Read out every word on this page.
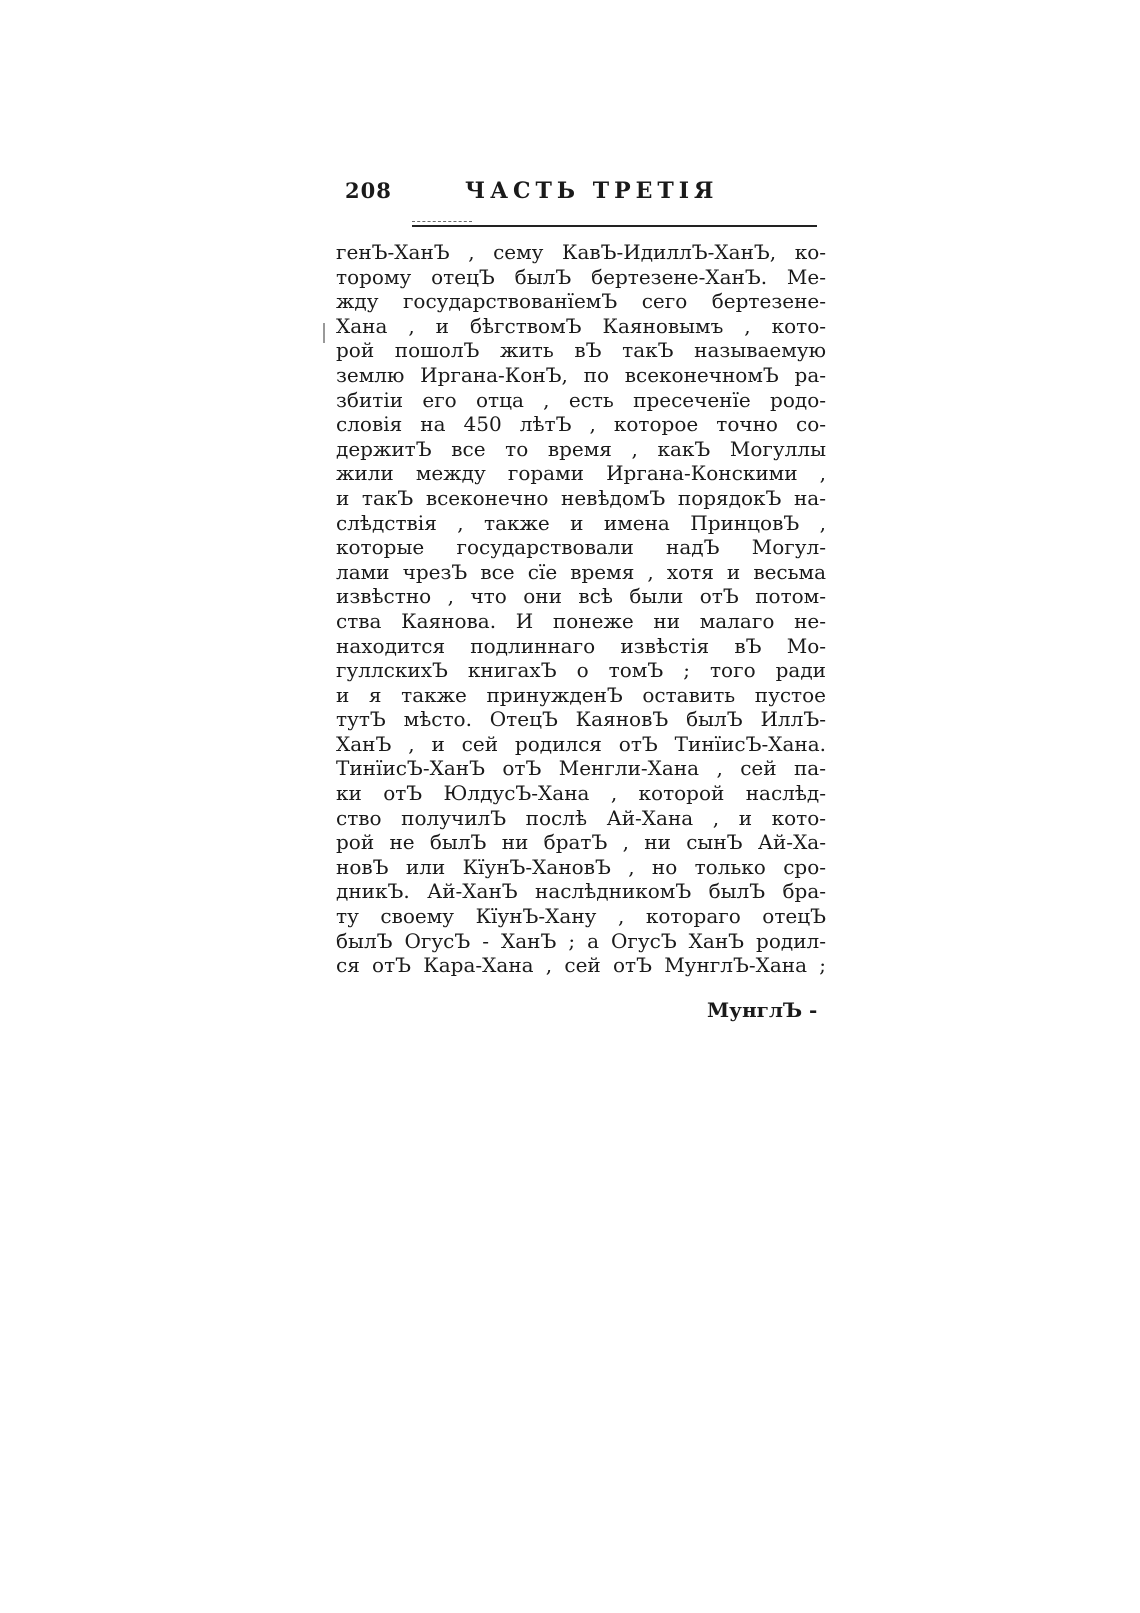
208	ЧАСТЬ ТРЕТІЯ
генЪ-ХанЪ , сему КавЪ-ИдиллЪ-ХанЪ, ко-
торому отецЪ былЪ бертезене-ХанЪ. Ме-
жду государствованїемЪ сего бертезене-
Хана , и бѣгствомЪ Каяновымъ , кото-
рой пошолЪ жить вЪ такЪ называемую
землю Иргана-КонЪ, по всеконечномЪ ра-
збитіи его отца , есть пресеченїе родо-
словія на 450 лѣтЪ , которое точно со-
держитЪ все то время , какЪ Могуллы
жили между горами Иргана-Конскими ,
и такЪ всеконечно невѣдомЪ порядокЪ на-
слѣдствія , также и имена ПринцовЪ ,
которые государствовали надЪ Могул-
лами чрезЪ все сїе время , хотя и весьма
извѣстно , что они всѣ были отЪ потом-
ства Каянова. И понеже ни малаго не-
находится подлиннаго извѣстія вЪ Мо-
гуллскихЪ книгахЪ о томЪ ; того ради
и я также принужденЪ оставить пустое
тутЪ мѣсто. ОтецЪ КаяновЪ былЪ ИллЪ-
ХанЪ , и сей родился отЪ ТинїисЪ-Хана.
ТинїисЪ-ХанЪ отЪ Менгли-Хана , сей па-
ки отЪ ЮлдусЪ-Хана , которой наслѣд-
ство получилЪ послѣ Ай-Хана , и кото-
рой не былЪ ни братЪ , ни сынЪ Ай-Ха-
новЪ или КїунЪ-ХановЪ , но только сро-
дникЪ. Ай-ХанЪ наслѣдникомЪ былЪ бра-
ту своему КїунЪ-Хану , котораго отецЪ
былЪ ОгусЪ - ХанЪ ; а ОгусЪ ХанЪ родил-
ся отЪ Кара-Хана , сей отЪ МунглЪ-Хана ;
МунглЪ -
